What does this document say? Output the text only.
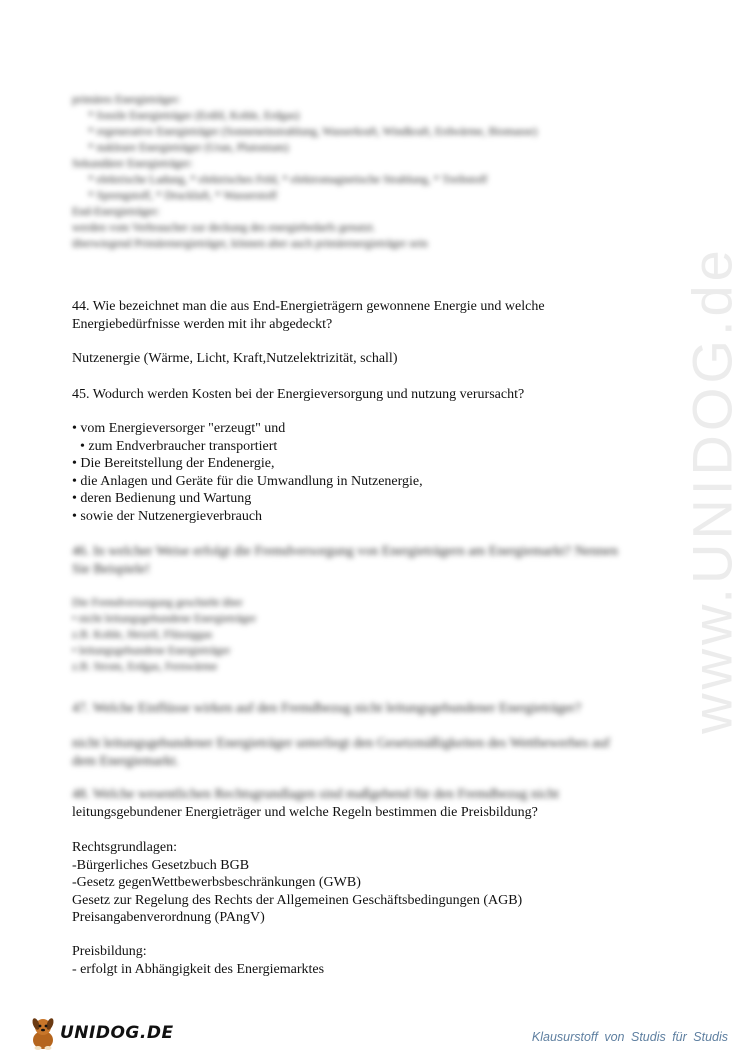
www.UNIDOG.de
primäres Energieträger:
* fossile Energieträger (Erdöl, Kohle, Erdgas)
* regenerative Energieträger (Sonneneinstrahlung, Wasserkraft, Windkraft, Erdwärme, Biomasse)
* nukleare Energieträger (Uran, Plutonium)
Sekundärer Energieträger:
* elektrische Ladung, * elektrisches Feld, * elektromagnetische Strahlung, * Treibstoff
* Sprengstoff, * Druckluft, * Wasserstoff
End-Energieträger:
werden vom Verbraucher zur deckung des energiebedarfs genutzt.
überwiegend Primärenergieträger, können aber auch primärenergieträger sein
44. Wie bezeichnet man die aus End-Energieträgern gewonnene Energie und welche
Energiebedürfnisse werden mit ihr abgedeckt?
Nutzenergie (Wärme, Licht, Kraft,Nutzelektrizität, schall)
45. Wodurch werden Kosten bei der Energieversorgung und nutzung verursacht?
• vom Energieversorger "erzeugt" und
• zum Endverbraucher transportiert
• Die Bereitstellung der Endenergie,
• die Anlagen und Geräte für die Umwandlung in Nutzenergie,
• deren Bedienung und Wartung
• sowie der Nutzenergieverbrauch
46. In welcher Weise erfolgt die Fremdversorgung von Energieträgern am Energiemarkt? Nennen
Sie Beispiele!
Die Fremdversorgung geschieht über
• nicht leitungsgebundene Energieträger
z.B. Kohle, Heizöl, Flüssiggas
• leitungsgebundene Energieträger
z.B. Strom, Erdgas, Fernwärme
47. Welche Einflüsse wirken auf den Fremdbezug nicht leitungsgebundener Energieträger?
nicht leitungsgebundener Energieträger unterliegt den Gesetzmäßigkeiten des Wettbewerbes auf
dem Energiemarkt.
48. Welche wesentlichen Rechtsgrundlagen sind maßgebend für den Fremdbezug nicht
leitungsgebundener Energieträger und welche Regeln bestimmen die Preisbildung?
Rechtsgrundlagen:
-Bürgerliches Gesetzbuch BGB
-Gesetz gegenWettbewerbsbeschränkungen (GWB)
Gesetz zur Regelung des Rechts der Allgemeinen Geschäftsbedingungen (AGB)
Preisangabenverordnung (PAngV)
Preisbildung:
- erfolgt in Abhängigkeit des Energiemarktes
UNIDOG.DE	Klausurstoff von Studis für Studis
